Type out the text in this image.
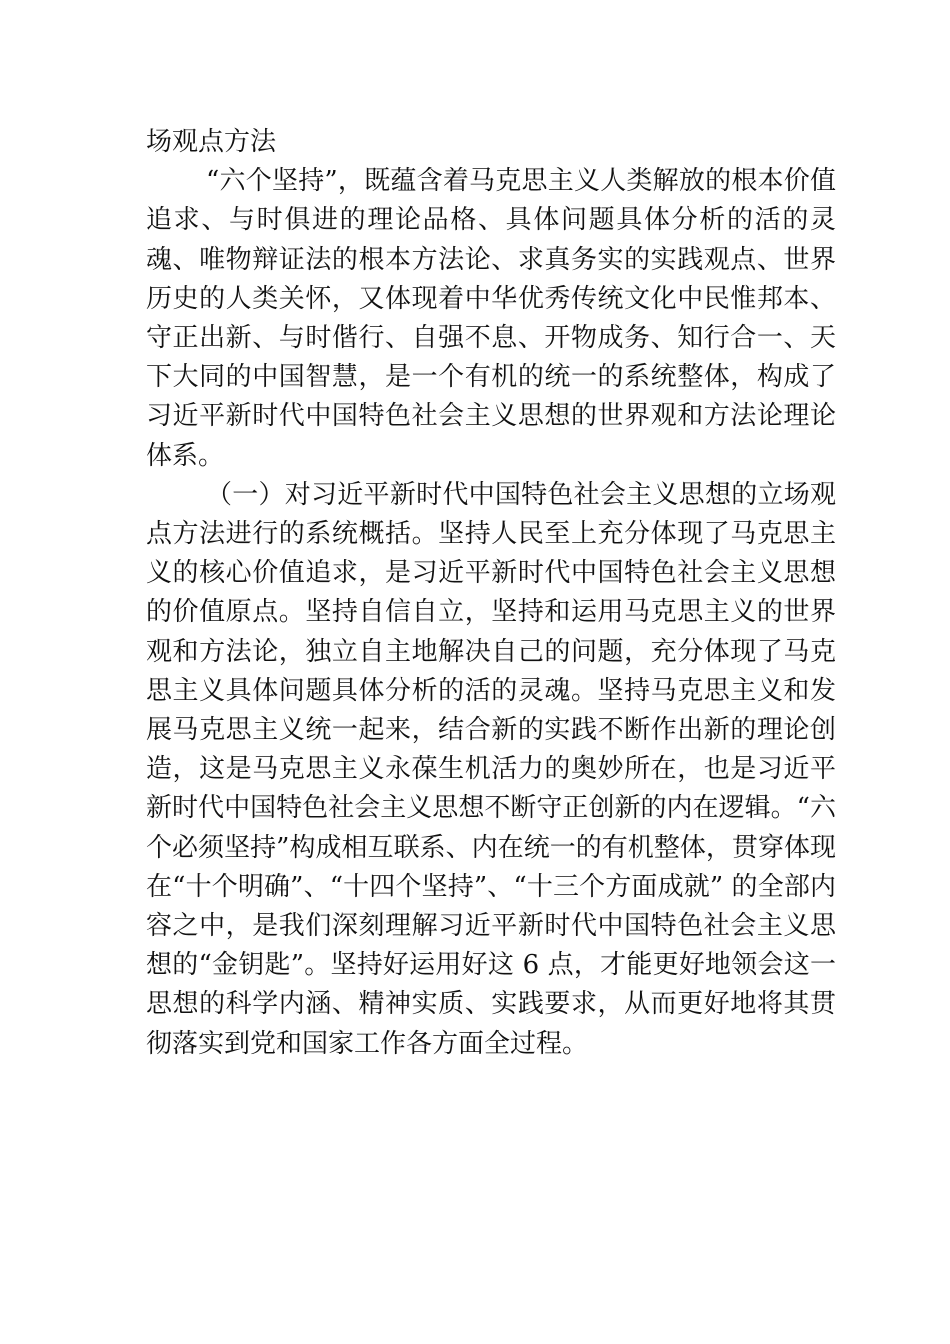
场观点方法

“六个坚持”，既蕴含着马克思主义人类解放的根本价值追求、与时俱进的理论品格、具体问题具体分析的活的灵魂、唯物辩证法的根本方法论、求真务实的实践观点、世界历史的人类关怀，又体现着中华优秀传统文化中民惟邦本、 守正出新、与时偕行、自强不息、开物成务、知行合一、天下大同的中国智慧，是一个有机的统一的系统整体，构成了习近平新时代中国特色社会主义思想的世界观和方法论理论体系。

（一）对习近平新时代中国特色社会主义思想的立场观点方法进行的系统概括。坚持人民至上充分体现了马克思主义的核心价值追求，是习近平新时代中国特色社会主义思想的价值原点。坚持自信自立，坚持和运用马克思主义的世界观和方法论，独立自主地解决自己的问题，充分体现了马克思主义具体问题具体分析的活的灵魂。坚持马克思主义和发展马克思主义统一起来，结合新的实践不断作出新的理论创造，这是马克思主义永葆生机活力的奥妙所在，也是习近平新时代中国特色社会主义思想不断守正创新的内在逻辑。“六个必须坚持”构成相互联系、内在统一的有机整体，贯穿体现在“十个明确”、“十四个坚持”、“十三个方面成就” 的全部内容之中，是我们深刻理解习近平新时代中国特色社会主义思想的“金钥匙”。坚持好运用好这 6 点，才能更好地领会这一思想的科学内涵、精神实质、实践要求，从而更好地将其贯彻落实到党和国家工作各方面全过程。
